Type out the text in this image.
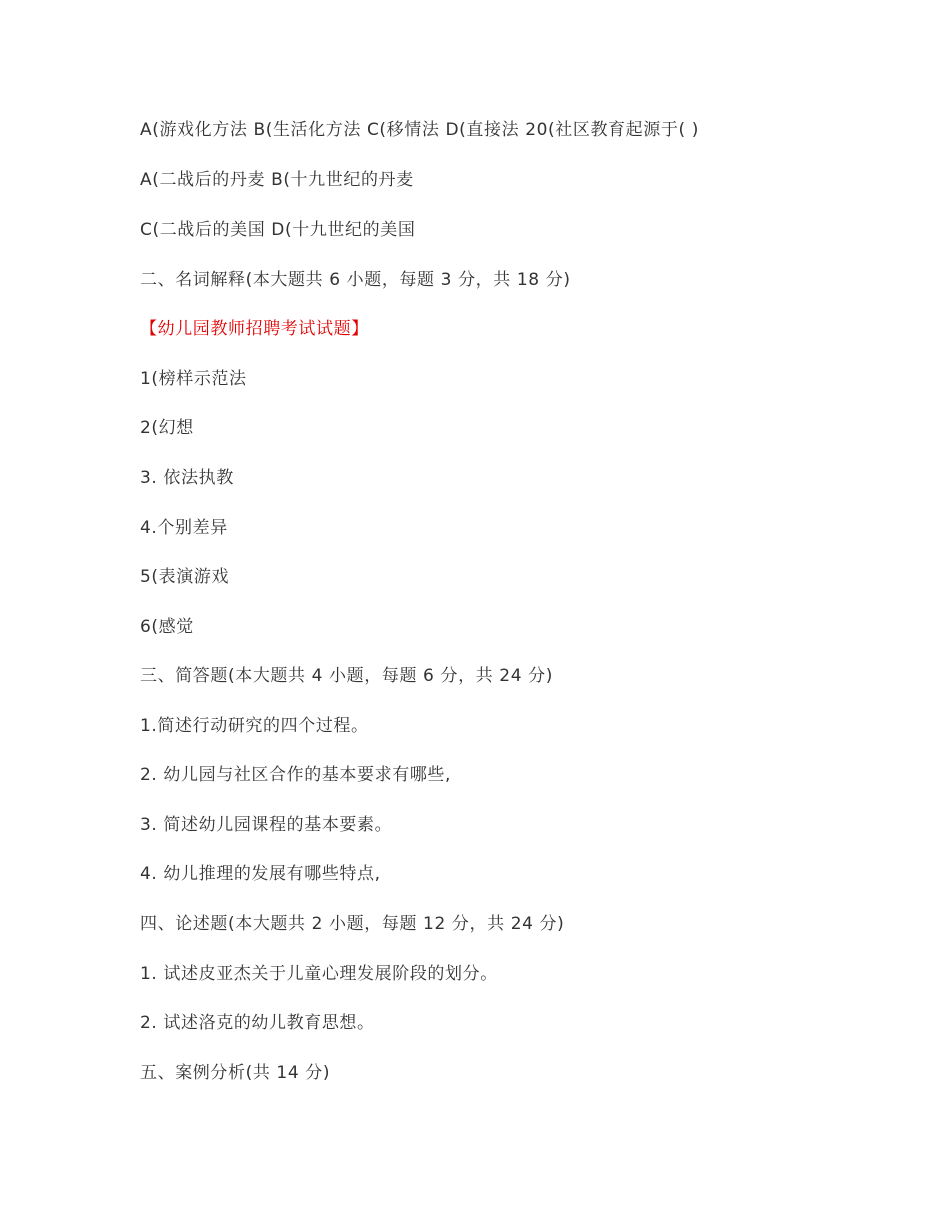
A(游戏化方法 B(生活化方法 C(移情法 D(直接法 20(社区教育起源于( )
A(二战后的丹麦 B(十九世纪的丹麦
C(二战后的美国 D(十九世纪的美国
二、名词解释(本大题共 6 小题，每题 3 分，共 18 分)
【幼儿园教师招聘考试试题】
1(榜样示范法
2(幻想
3. 依法执教
4.个别差异
5(表演游戏
6(感觉
三、简答题(本大题共 4 小题，每题 6 分，共 24 分)
1.简述行动研究的四个过程。
2. 幼儿园与社区合作的基本要求有哪些,
3. 简述幼儿园课程的基本要素。
4. 幼儿推理的发展有哪些特点,
四、论述题(本大题共 2 小题，每题 12 分，共 24 分)
1. 试述皮亚杰关于儿童心理发展阶段的划分。
2. 试述洛克的幼儿教育思想。
五、案例分析(共 14 分)
